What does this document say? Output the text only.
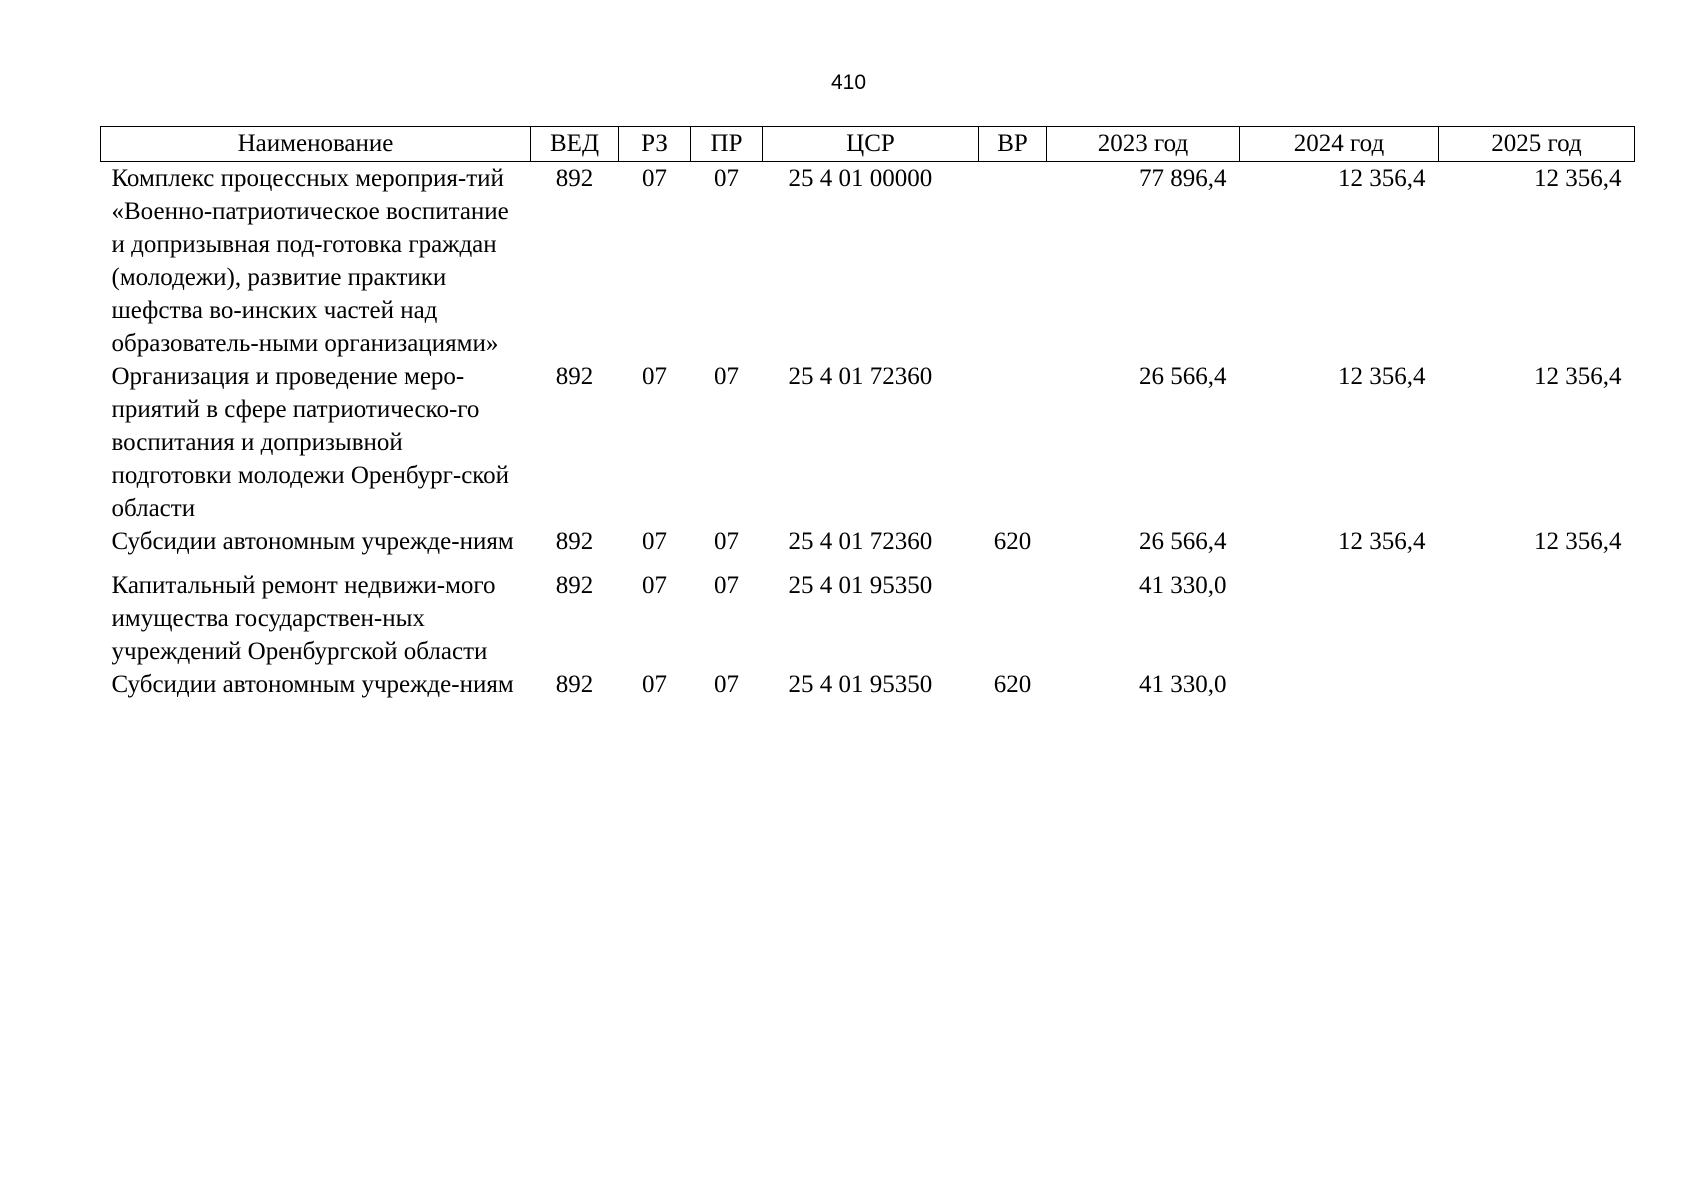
410
Наименование	ВЕД	РЗ	ПР	ЦСР	ВР	2023 год	2024 год	2025 год

Комплекс процессных мероприя-тий «Военно-патриотическое воспитание и допризывная под-готовка граждан (молодежи), развитие практики шефства во-инских частей над образователь-ными организациями»	892	07	07	25 4 01 00000		77 896,4	12 356,4	12 356,4

Организация и проведение меро-приятий в сфере патриотическо-го воспитания и допризывной подготовки молодежи Оренбург-ской области	892	07	07	25 4 01 72360		26 566,4	12 356,4	12 356,4

Субсидии автономным учрежде-ниям	892	07	07	25 4 01 72360	620	26 566,4	12 356,4	12 356,4

Капитальный ремонт недвижи-мого имущества государствен-ных учреждений Оренбургской области	892	07	07	25 4 01 95350		41 330,0		

Субсидии автономным учрежде-ниям	892	07	07	25 4 01 95350	620	41 330,0		
